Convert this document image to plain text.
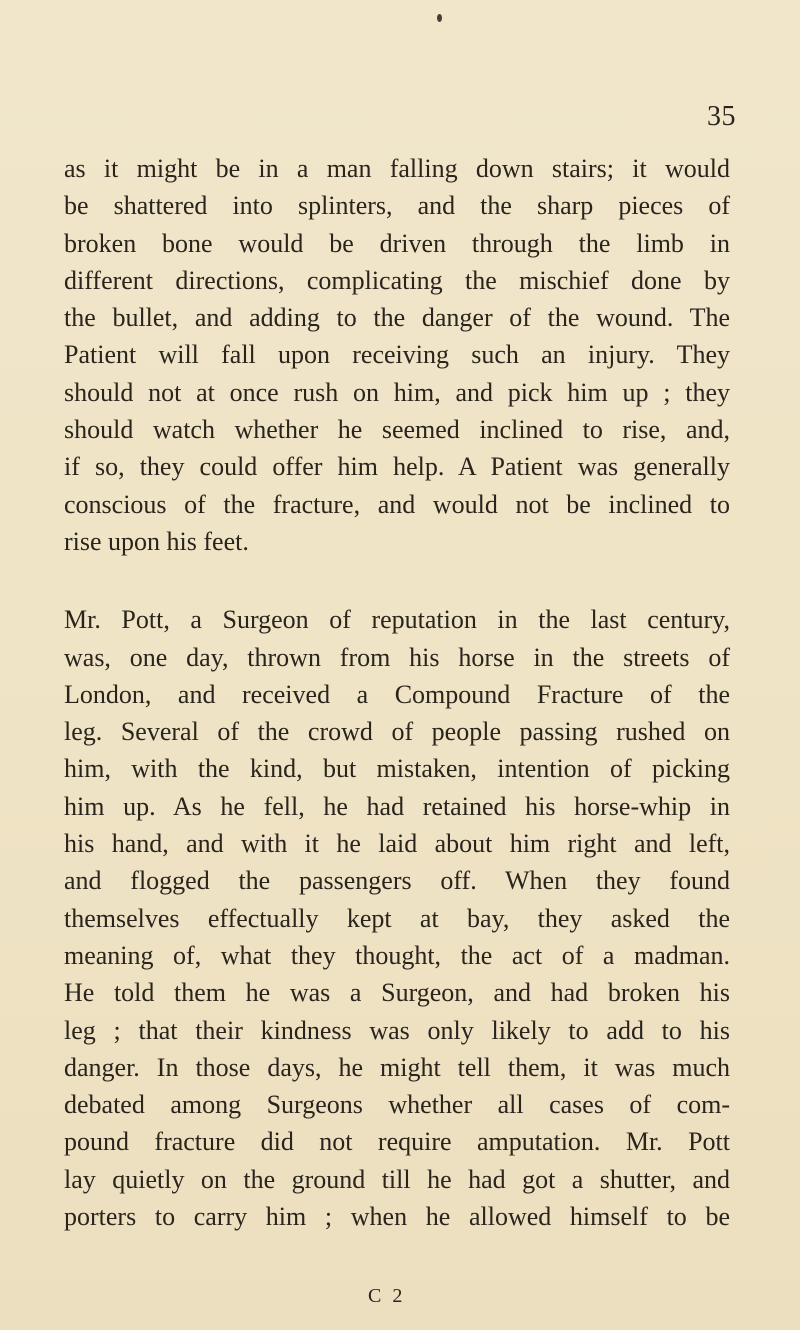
35
as it might be in a man falling down stairs; it would
be shattered into splinters, and the sharp pieces of
broken bone would be driven through the limb in
different directions, complicating the mischief done by
the bullet, and adding to the danger of the wound. The
Patient will fall upon receiving such an injury. They
should not at once rush on him, and pick him up ; they
should watch whether he seemed inclined to rise, and,
if so, they could offer him help. A Patient was generally
conscious of the fracture, and would not be inclined to
rise upon his feet.
Mr. Pott, a Surgeon of reputation in the last century,
was, one day, thrown from his horse in the streets of
London, and received a Compound Fracture of the
leg. Several of the crowd of people passing rushed on
him, with the kind, but mistaken, intention of picking
him up. As he fell, he had retained his horse-whip in
his hand, and with it he laid about him right and left,
and flogged the passengers off. When they found
themselves effectually kept at bay, they asked the
meaning of, what they thought, the act of a madman.
He told them he was a Surgeon, and had broken his
leg ; that their kindness was only likely to add to his
danger. In those days, he might tell them, it was much
debated among Surgeons whether all cases of com-
pound fracture did not require amputation. Mr. Pott
lay quietly on the ground till he had got a shutter, and
porters to carry him ; when he allowed himself to be
C 2
